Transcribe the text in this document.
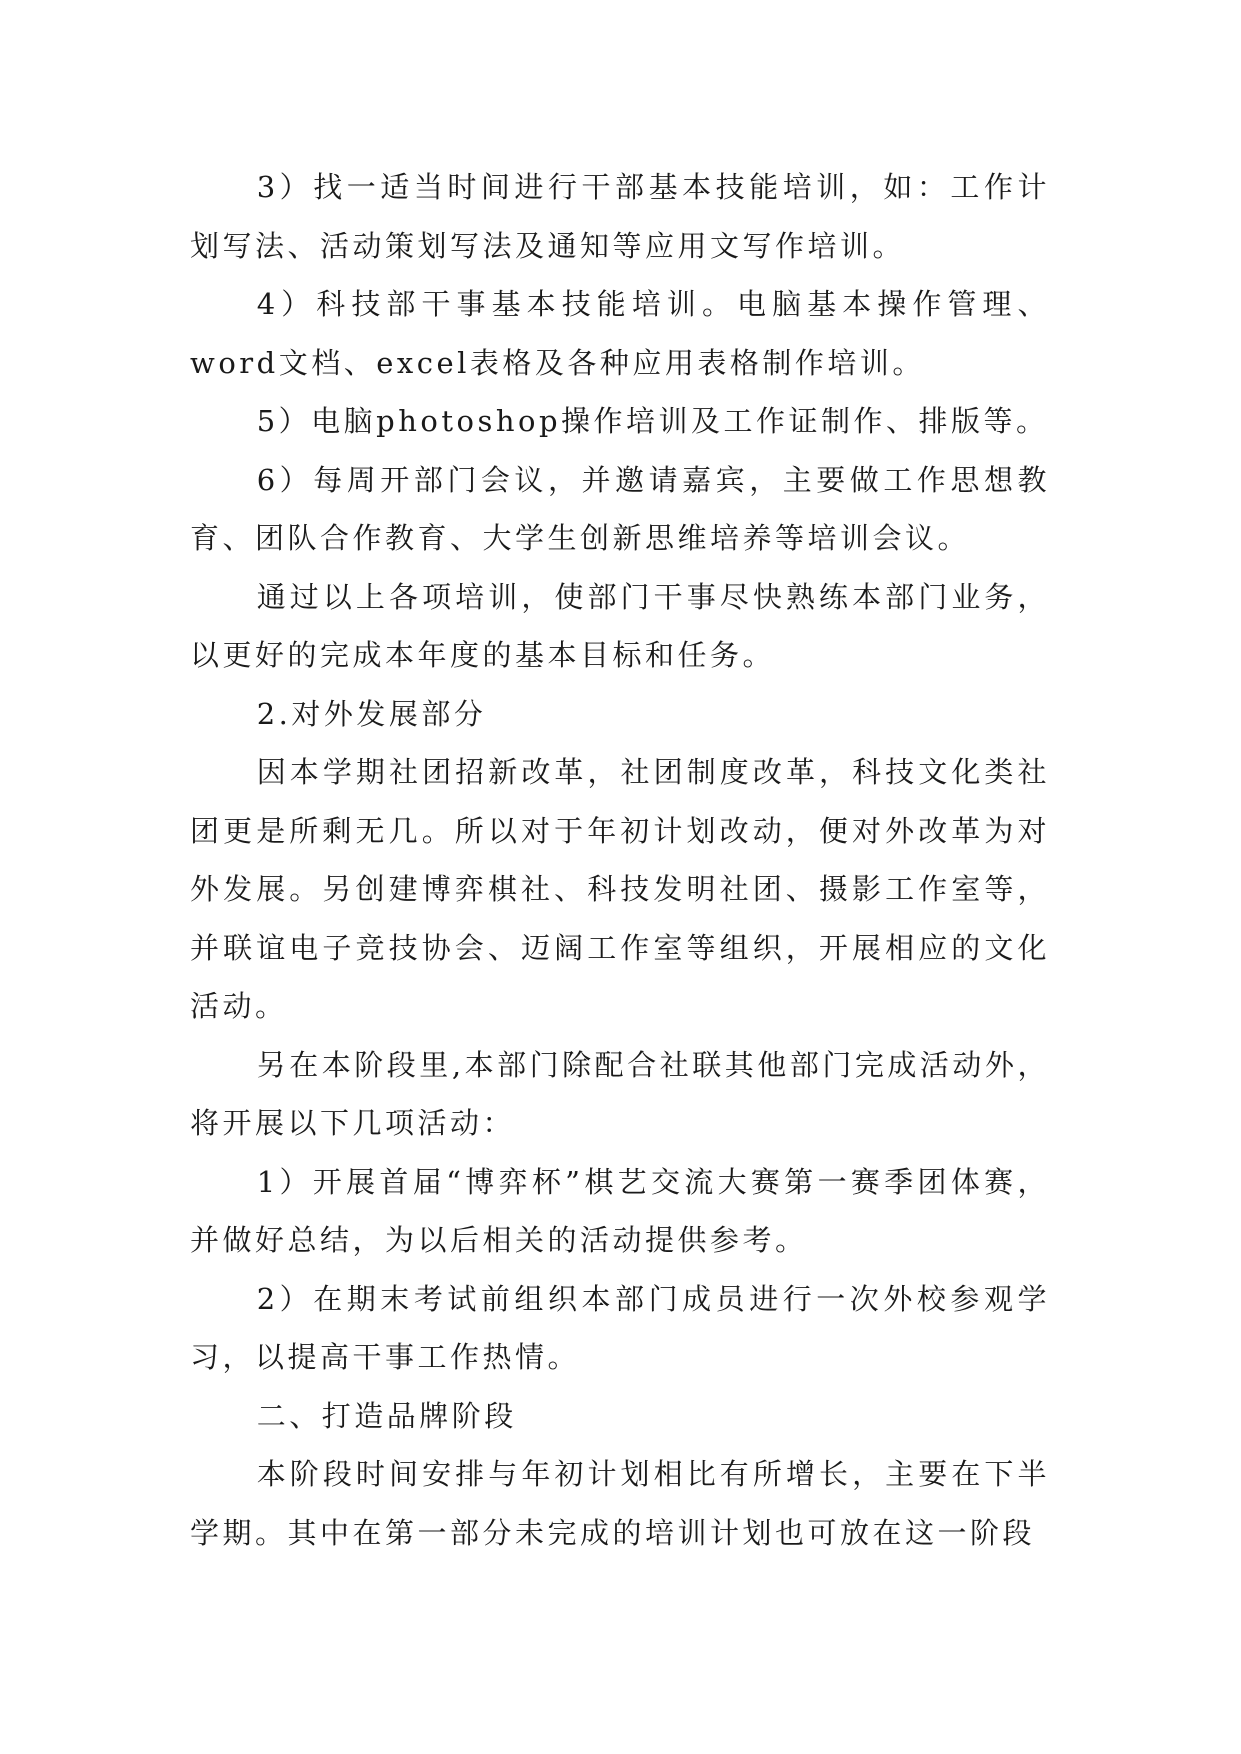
3）找一适当时间进行干部基本技能培训，如：工作计划写法、活动策划写法及通知等应用文写作培训。

4）科技部干事基本技能培训。电脑基本操作管理、word文档、excel表格及各种应用表格制作培训。

5）电脑photoshop操作培训及工作证制作、排版等。

6）每周开部门会议，并邀请嘉宾，主要做工作思想教育、团队合作教育、大学生创新思维培养等培训会议。

通过以上各项培训，使部门干事尽快熟练本部门业务，以更好的完成本年度的基本目标和任务。

2.对外发展部分

因本学期社团招新改革，社团制度改革，科技文化类社团更是所剩无几。所以对于年初计划改动，便对外改革为对外发展。另创建博弈棋社、科技发明社团、摄影工作室等，并联谊电子竞技协会、迈阔工作室等组织，开展相应的文化活动。

另在本阶段里,本部门除配合社联其他部门完成活动外，将开展以下几项活动：

1）开展首届“博弈杯”棋艺交流大赛第一赛季团体赛，并做好总结，为以后相关的活动提供参考。

2）在期末考试前组织本部门成员进行一次外校参观学习，以提高干事工作热情。

二、打造品牌阶段

本阶段时间安排与年初计划相比有所增长，主要在下半学期。其中在第一部分未完成的培训计划也可放在这一阶段
